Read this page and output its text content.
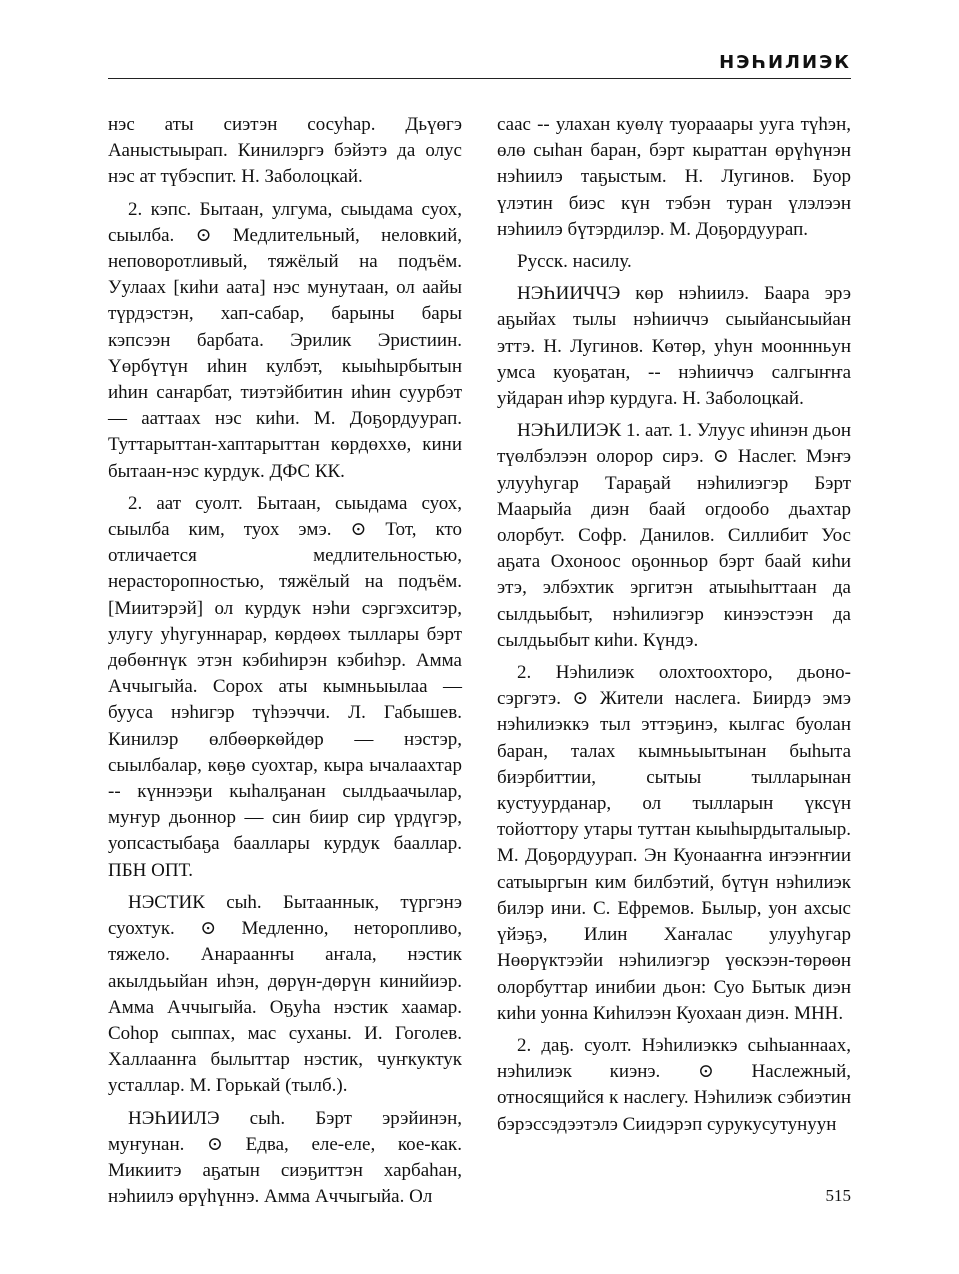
НЭҺИЛИЭК

нэс аты сиэтэн сосуһар. Дьүөгэ Ааныстыырап. Кинилэргэ бэйэтэ да олус нэс ат түбэспит. Н. Заболоцкай.

2. кэпс. Бытаан, улгума, сыыдама суох, сыылба. ⊙ Медлительный, неловкий, неповоротливый, тяжёлый на подъём. Уулаах [киһи аата] нэс мунутаан, ол аайы түрдэстэн, хап-сабар, барыны бары кэпсээн барбата. Эрилик Эристиин. Үөрбүтүн иһин кулбэт, кыыһырбытын иһин саҥарбат, тиэтэйбитин иһин суурбэт — ааттаах нэс киһи. М. Доҕордуурап. Туттарыттан-хаптарыттан көрдөххө, кини бытаан-нэс курдук. ДФС КК.

2. аат суолт. Бытаан, сыыдама суох, сыылба ким, туох эмэ. ⊙ Тот, кто отличается медлительностью, нерасторопностью, тяжёлый на подъём. [Миитэрэй] ол курдук нэһи сэргэхситэр, улугу уһугуннарар, көрдөөх тыллары бэрт дөбөҥнүк этэн кэбиһирэн кэбиһэр. Амма Аччыгыйа. Сорох аты кымньыылаа — бууса нэһигэр түһээччи. Л. Габышев. Кинилэр өлбөөркөйдөр — нэстэр, сыылбалар, көҕө суохтар, кыра ычалаахтар -- күннээҕи кыһалҕанан сылдьаачылар, муҥур дьоннор — син биир сир үрдүгэр, уопсастыбаҕа бааллары курдук бааллар. ПБН ОПТ.

НЭСТИК сыһ. Бытааннык, түргэнэ суохтук. ⊙ Медленно, неторопливо, тяжело. Анараанҥы аҥала, нэстик акылдьыйан иһэн, дөрүн-дөрүн кинийиэр. Амма Аччыгыйа. Оҕуһа нэстик хаамар. Соһор сыппах, мас суханы. И. Гоголев. Халлаанҥа былыттар нэстик, чуҥкуктук усталлар. М. Горькай (тылб.).

НЭҺИИЛЭ сыһ. Бэрт эрэйинэн, муҥунан. ⊙ Едва, еле-еле, кое-как. Микиитэ аҕатын сиэҕиттэн харбаһан, нэһиилэ өрүһүннэ. Амма Аччыгыйа. Ол

саас -- улахан куөлү туорааары ууга түһэн, өлө сыһан баран, бэрт кыраттан өрүһүнэн нэһиилэ таҕыстым. Н. Лугинов. Буор үлэтин биэс күн тэбэн туран үлэлээн нэһиилэ бүтэрдилэр. М. Доҕордуурап.

Русск. насилу.

НЭҺИИЧЧЭ көр нэһиилэ. Баара эрэ аҕыйах тылы нэһииччэ сыыйансыыйан эттэ. Н. Лугинов. Көтөр, уһун мооннньун умса куоҕатан, -- нэһииччэ салгыҥҥа уйдаран иһэр курдуга. Н. Заболоцкай.

НЭҺИЛИЭК 1. аат. 1. Улуус иһинэн дьон түөлбэлээн олорор сирэ. ⊙ Наслег. Мэҥэ улууһугар Тараҕай нэһилиэгэр Бэрт Маарыйа диэн баай огдообо дьахтар олорбут. Софр. Данилов. Силлибит Уос аҕата Охоноос оҕонньор бэрт баай киһи этэ, элбэхтик эргитэн атыыһыттаан да сылдьыбыт, нэһилиэгэр кинээстээн да сылдьыбыт киһи. Күндэ.

2. Нэһилиэк олохтоохторо, дьоно-сэргэтэ. ⊙ Жители наслега. Биирдэ эмэ нэһилиэккэ тыл эттэҕинэ, кылгас буолан баран, талах кымньыытынан быһыта биэрбиттии, сытыы тылларынан кустуурданар, ол тылларын үксүн тойоттору утары туттан кыыһырдыталыыр. М. Доҕордуурап. Эн Куонааҥҥа иҥээҥҥии сатыыргын ким билбэтий, бүтүн нэһилиэк билэр ини. С. Ефремов. Былыр, уон ахсыс үйэҕэ, Илин Хаҥалас улууһугар Нөөрүктээйи нэһилиэгэр үөскээн-төрөөн олорбуттар инибии дьон: Суо Бытык диэн киһи уонна Киһилээн Куохаан диэн. МНН.

2. даҕ. суолт. Нэһилиэккэ сыһыаннаах, нэһилиэк киэнэ. ⊙ Наслежный, относящийся к наслегу. Нэһилиэк сэбиэтин бэрэссэдээтэлэ Сиидэрэп сурукусутунуун

515
